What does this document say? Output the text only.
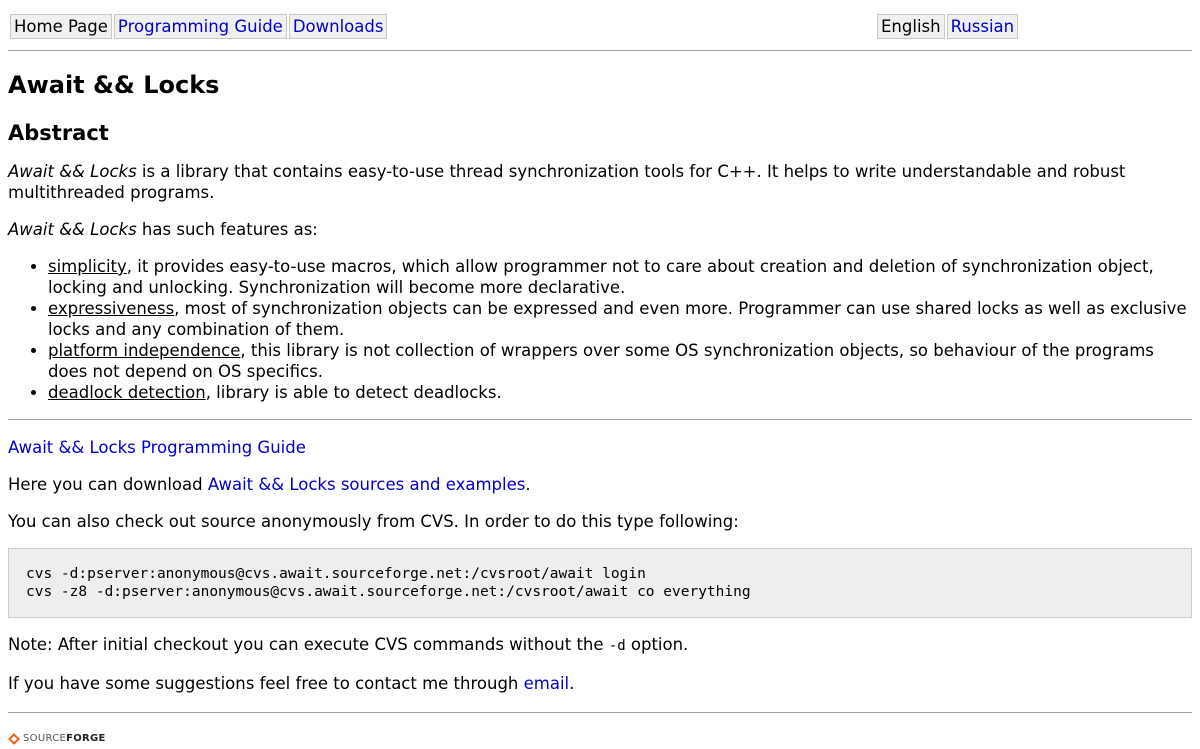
Home Page Programming Guide Downloads	English Russian
Await && Locks
Abstract

Await && Locks is a library that contains easy-to-use thread synchronization tools for C++. It helps to write understandable and robust multithreaded programs.

Await && Locks has such features as:

• simplicity, it provides easy-to-use macros, which allow programmer not to care about creation and deletion of synchronization object, locking and unlocking. Synchronization will become more declarative.
• expressiveness, most of synchronization objects can be expressed and even more. Programmer can use shared locks as well as exclusive locks and any combination of them.
• platform independence, this library is not collection of wrappers over some OS synchronization objects, so behaviour of the programs does not depend on OS specifics.
• deadlock detection, library is able to detect deadlocks.

Await && Locks Programming Guide

Here you can download Await && Locks sources and examples.

You can also check out source anonymously from CVS. In order to do this type following:

cvs -d:pserver:anonymous@cvs.await.sourceforge.net:/cvsroot/await login
cvs -z8 -d:pserver:anonymous@cvs.await.sourceforge.net:/cvsroot/await co everything

Note: After initial checkout you can execute CVS commands without the -d option.

If you have some suggestions feel free to contact me through email.

SOURCEFORGE
